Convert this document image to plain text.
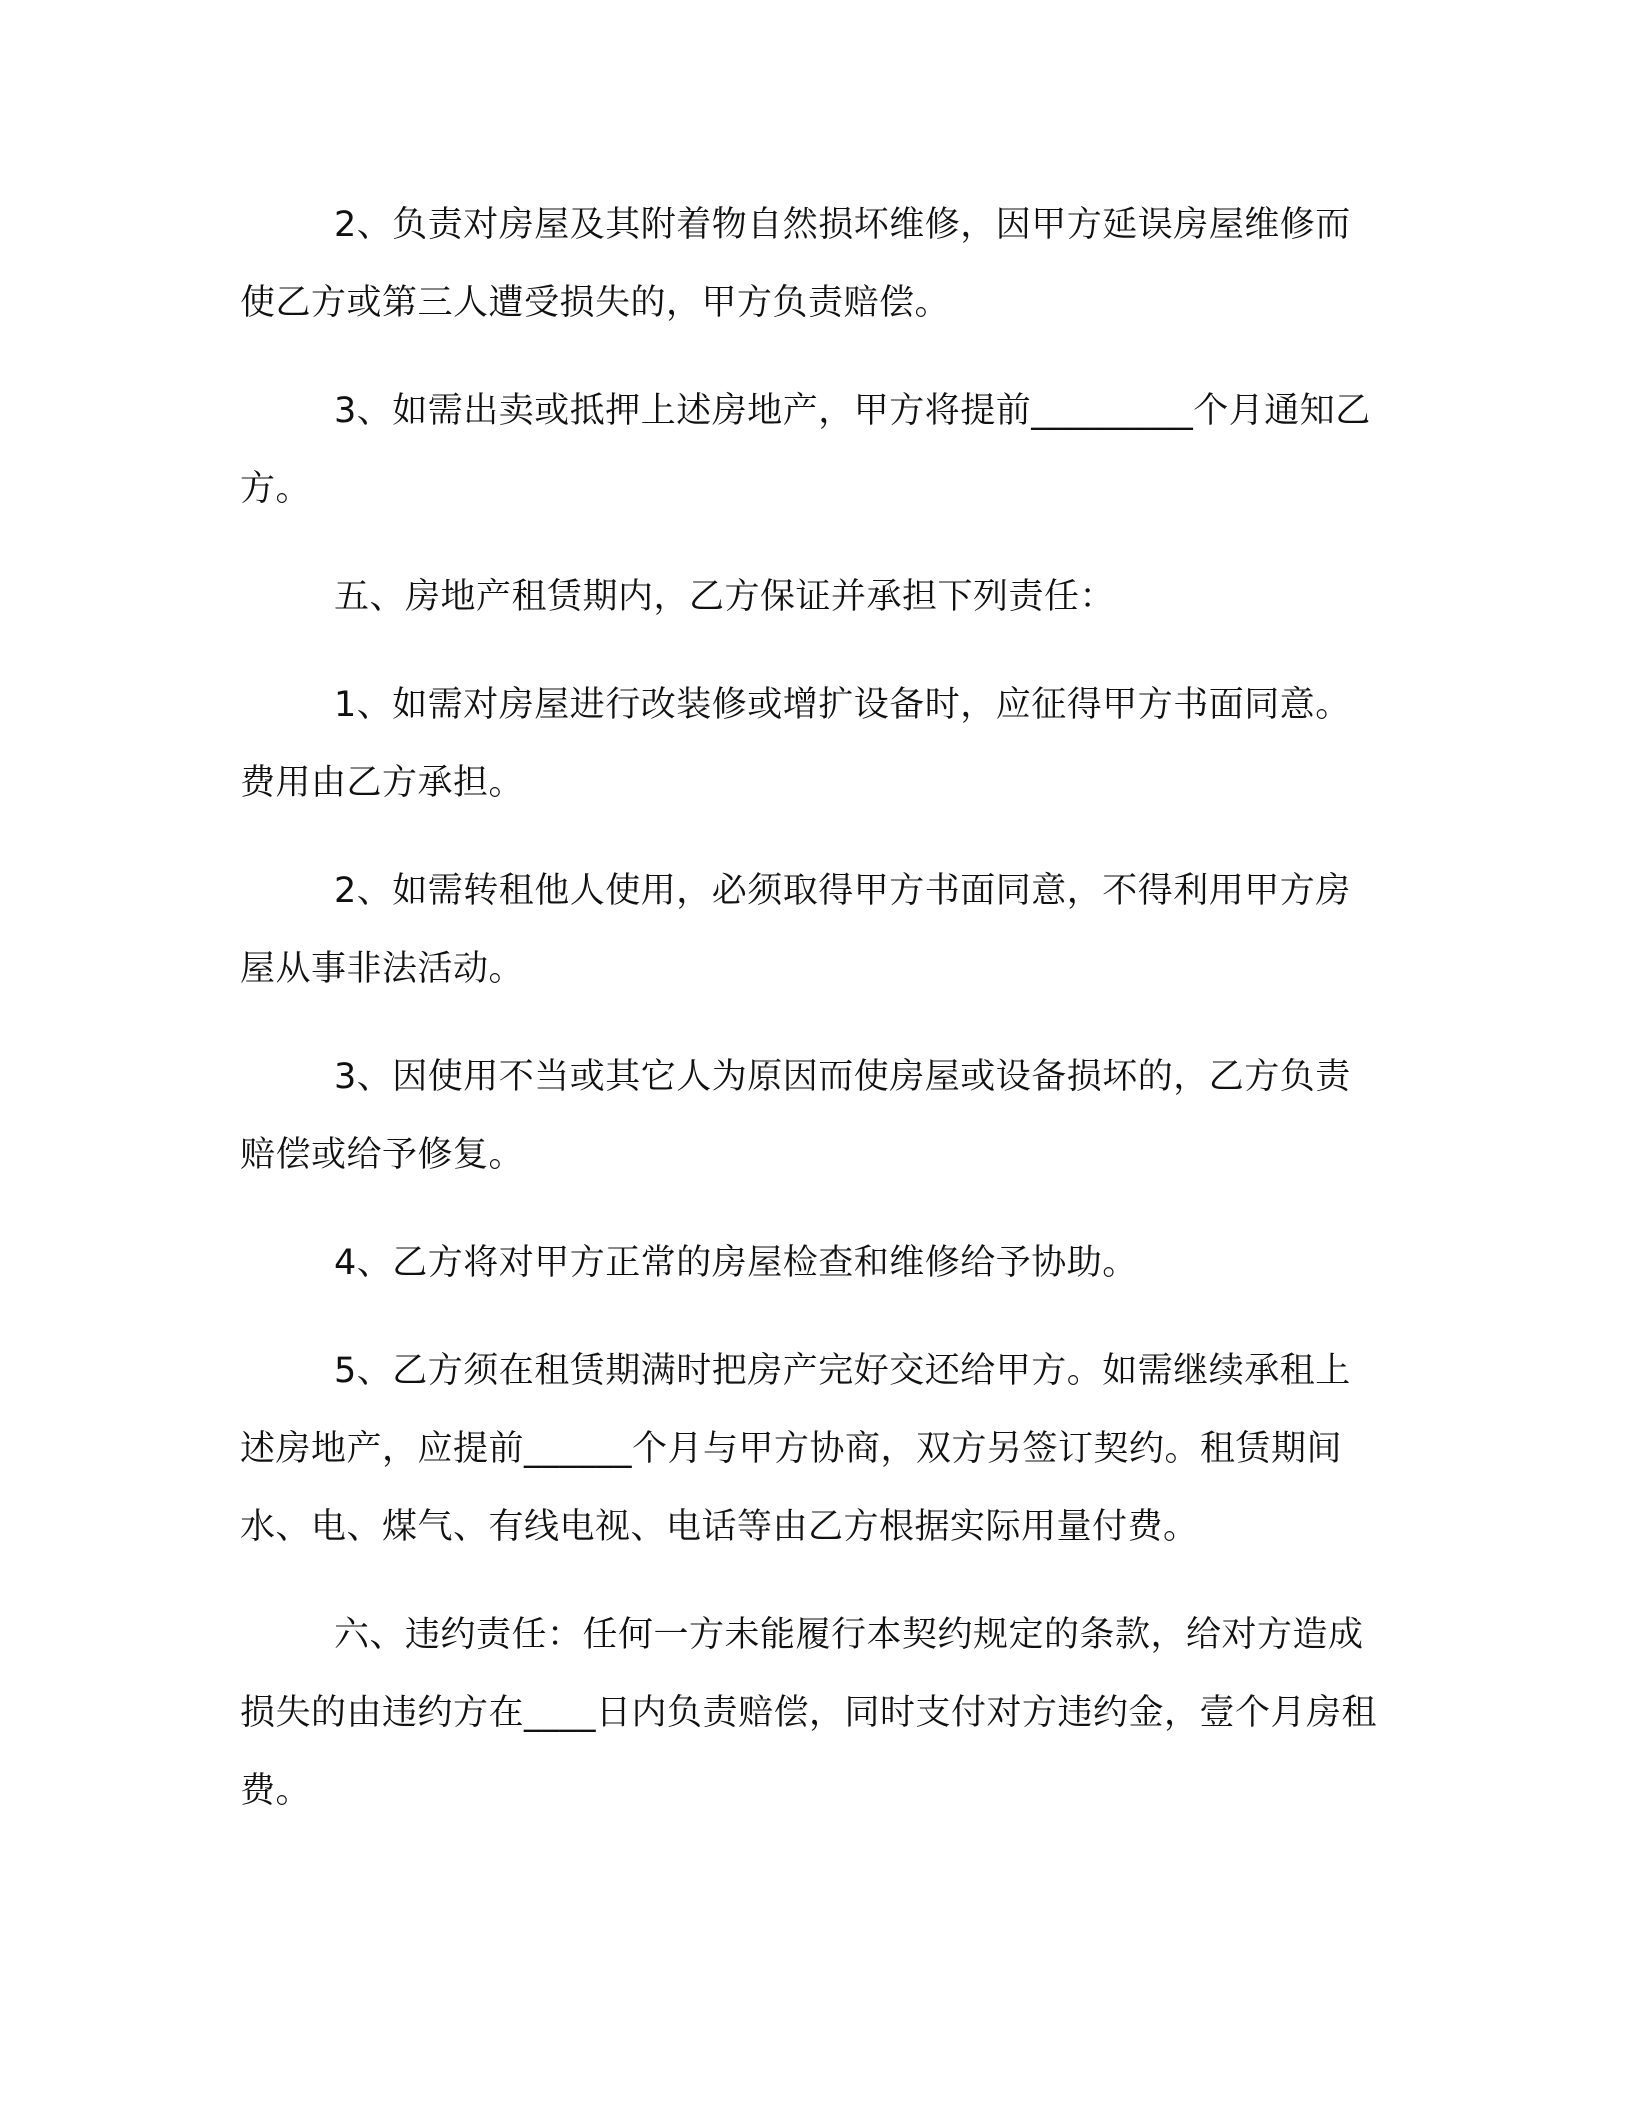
2、负责对房屋及其附着物自然损坏维修，因甲方延误房屋维修而使乙方或第三人遭受损失的，甲方负责赔偿。

3、如需出卖或抵押上述房地产，甲方将提前_________个月通知乙方。

五、房地产租赁期内，乙方保证并承担下列责任：

1、如需对房屋进行改装修或增扩设备时，应征得甲方书面同意。费用由乙方承担。

2、如需转租他人使用，必须取得甲方书面同意，不得利用甲方房屋从事非法活动。

3、因使用不当或其它人为原因而使房屋或设备损坏的，乙方负责赔偿或给予修复。

4、乙方将对甲方正常的房屋检查和维修给予协助。

5、乙方须在租赁期满时把房产完好交还给甲方。如需继续承租上述房地产，应提前______个月与甲方协商，双方另签订契约。租赁期间水、电、煤气、有线电视、电话等由乙方根据实际用量付费。

六、违约责任：任何一方未能履行本契约规定的条款，给对方造成损失的由违约方在____日内负责赔偿，同时支付对方违约金，壹个月房租费。
